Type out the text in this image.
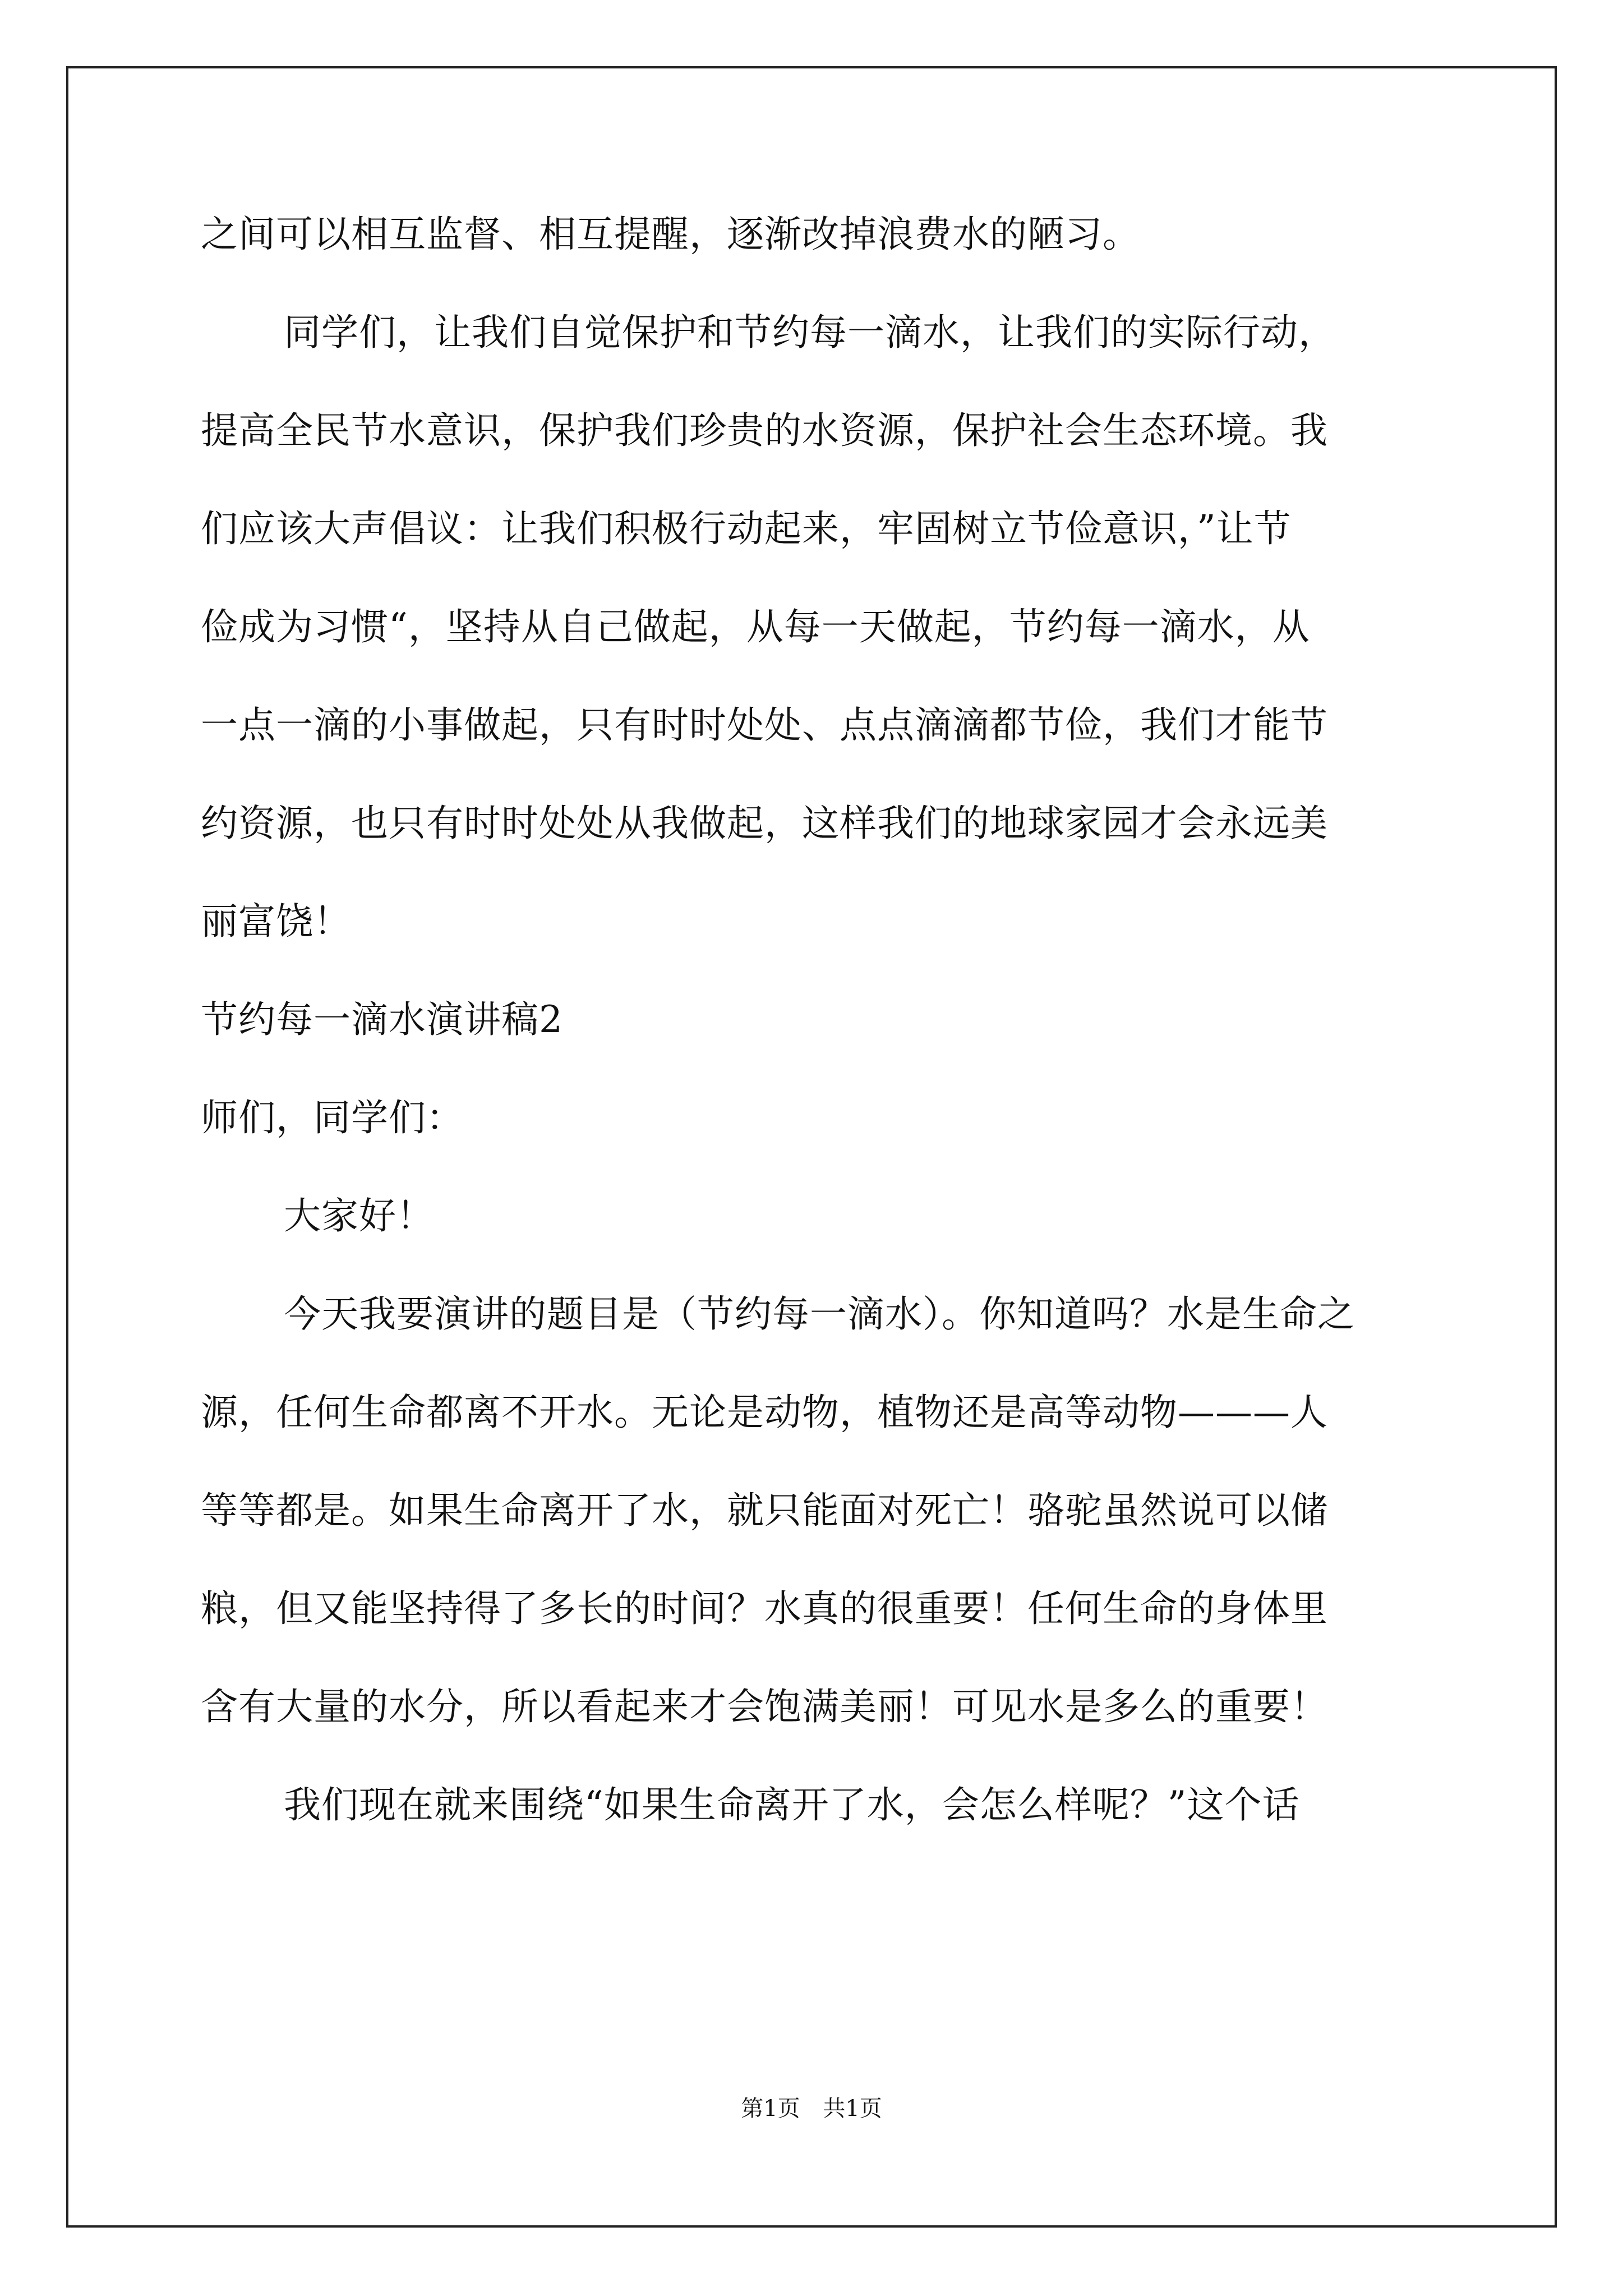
之间可以相互监督、相互提醒，逐渐改掉浪费水的陋习。
同学们，让我们自觉保护和节约每一滴水，让我们的实际行动，
提高全民节水意识，保护我们珍贵的水资源，保护社会生态环境。我
们应该大声倡议：让我们积极行动起来，牢固树立节俭意识，”让节
俭成为习惯“，坚持从自己做起，从每一天做起，节约每一滴水，从
一点一滴的小事做起，只有时时处处、点点滴滴都节俭，我们才能节
约资源，也只有时时处处从我做起，这样我们的地球家园才会永远美
丽富饶！
节约每一滴水演讲稿2
师们，同学们：
大家好！
今天我要演讲的题目是（节约每一滴水）。你知道吗？水是生命之
源，任何生命都离不开水。无论是动物，植物还是高等动物———人
等等都是。如果生命离开了水，就只能面对死亡！骆驼虽然说可以储
粮，但又能坚持得了多长的时间？水真的很重要！任何生命的身体里
含有大量的水分，所以看起来才会饱满美丽！可见水是多么的重要！
我们现在就来围绕“如果生命离开了水，会怎么样呢？”这个话
第1页 共1页
